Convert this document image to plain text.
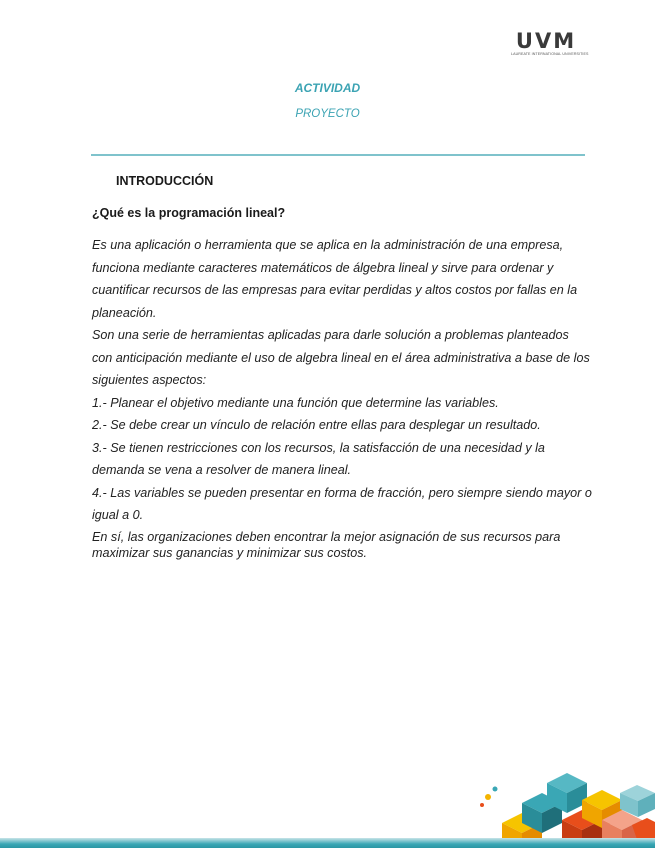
UVM
LAUREATE INTERNATIONAL UNIVERSITIES
ACTIVIDAD
PROYECTO
INTRODUCCIÓN
¿Qué es la programación lineal?

Es una aplicación o herramienta que se aplica en la administración de una empresa, funciona mediante caracteres matemáticos de álgebra lineal y sirve para ordenar y cuantificar recursos de las empresas para evitar perdidas y altos costos por fallas en la planeación.

Son una serie de herramientas aplicadas para darle solución a problemas planteados con anticipación mediante el uso de algebra lineal en el área administrativa a base de los siguientes aspectos:

1.- Planear el objetivo mediante una función que determine las variables.

2.- Se debe crear un vínculo de relación entre ellas para desplegar un resultado.

3.- Se tienen restricciones con los recursos, la satisfacción de una necesidad y la demanda se vena a resolver de manera lineal.

4.- Las variables se pueden presentar en forma de fracción, pero siempre siendo mayor o igual a 0.

En sí, las organizaciones deben encontrar la mejor asignación de sus recursos para maximizar sus ganancias y minimizar sus costos.
